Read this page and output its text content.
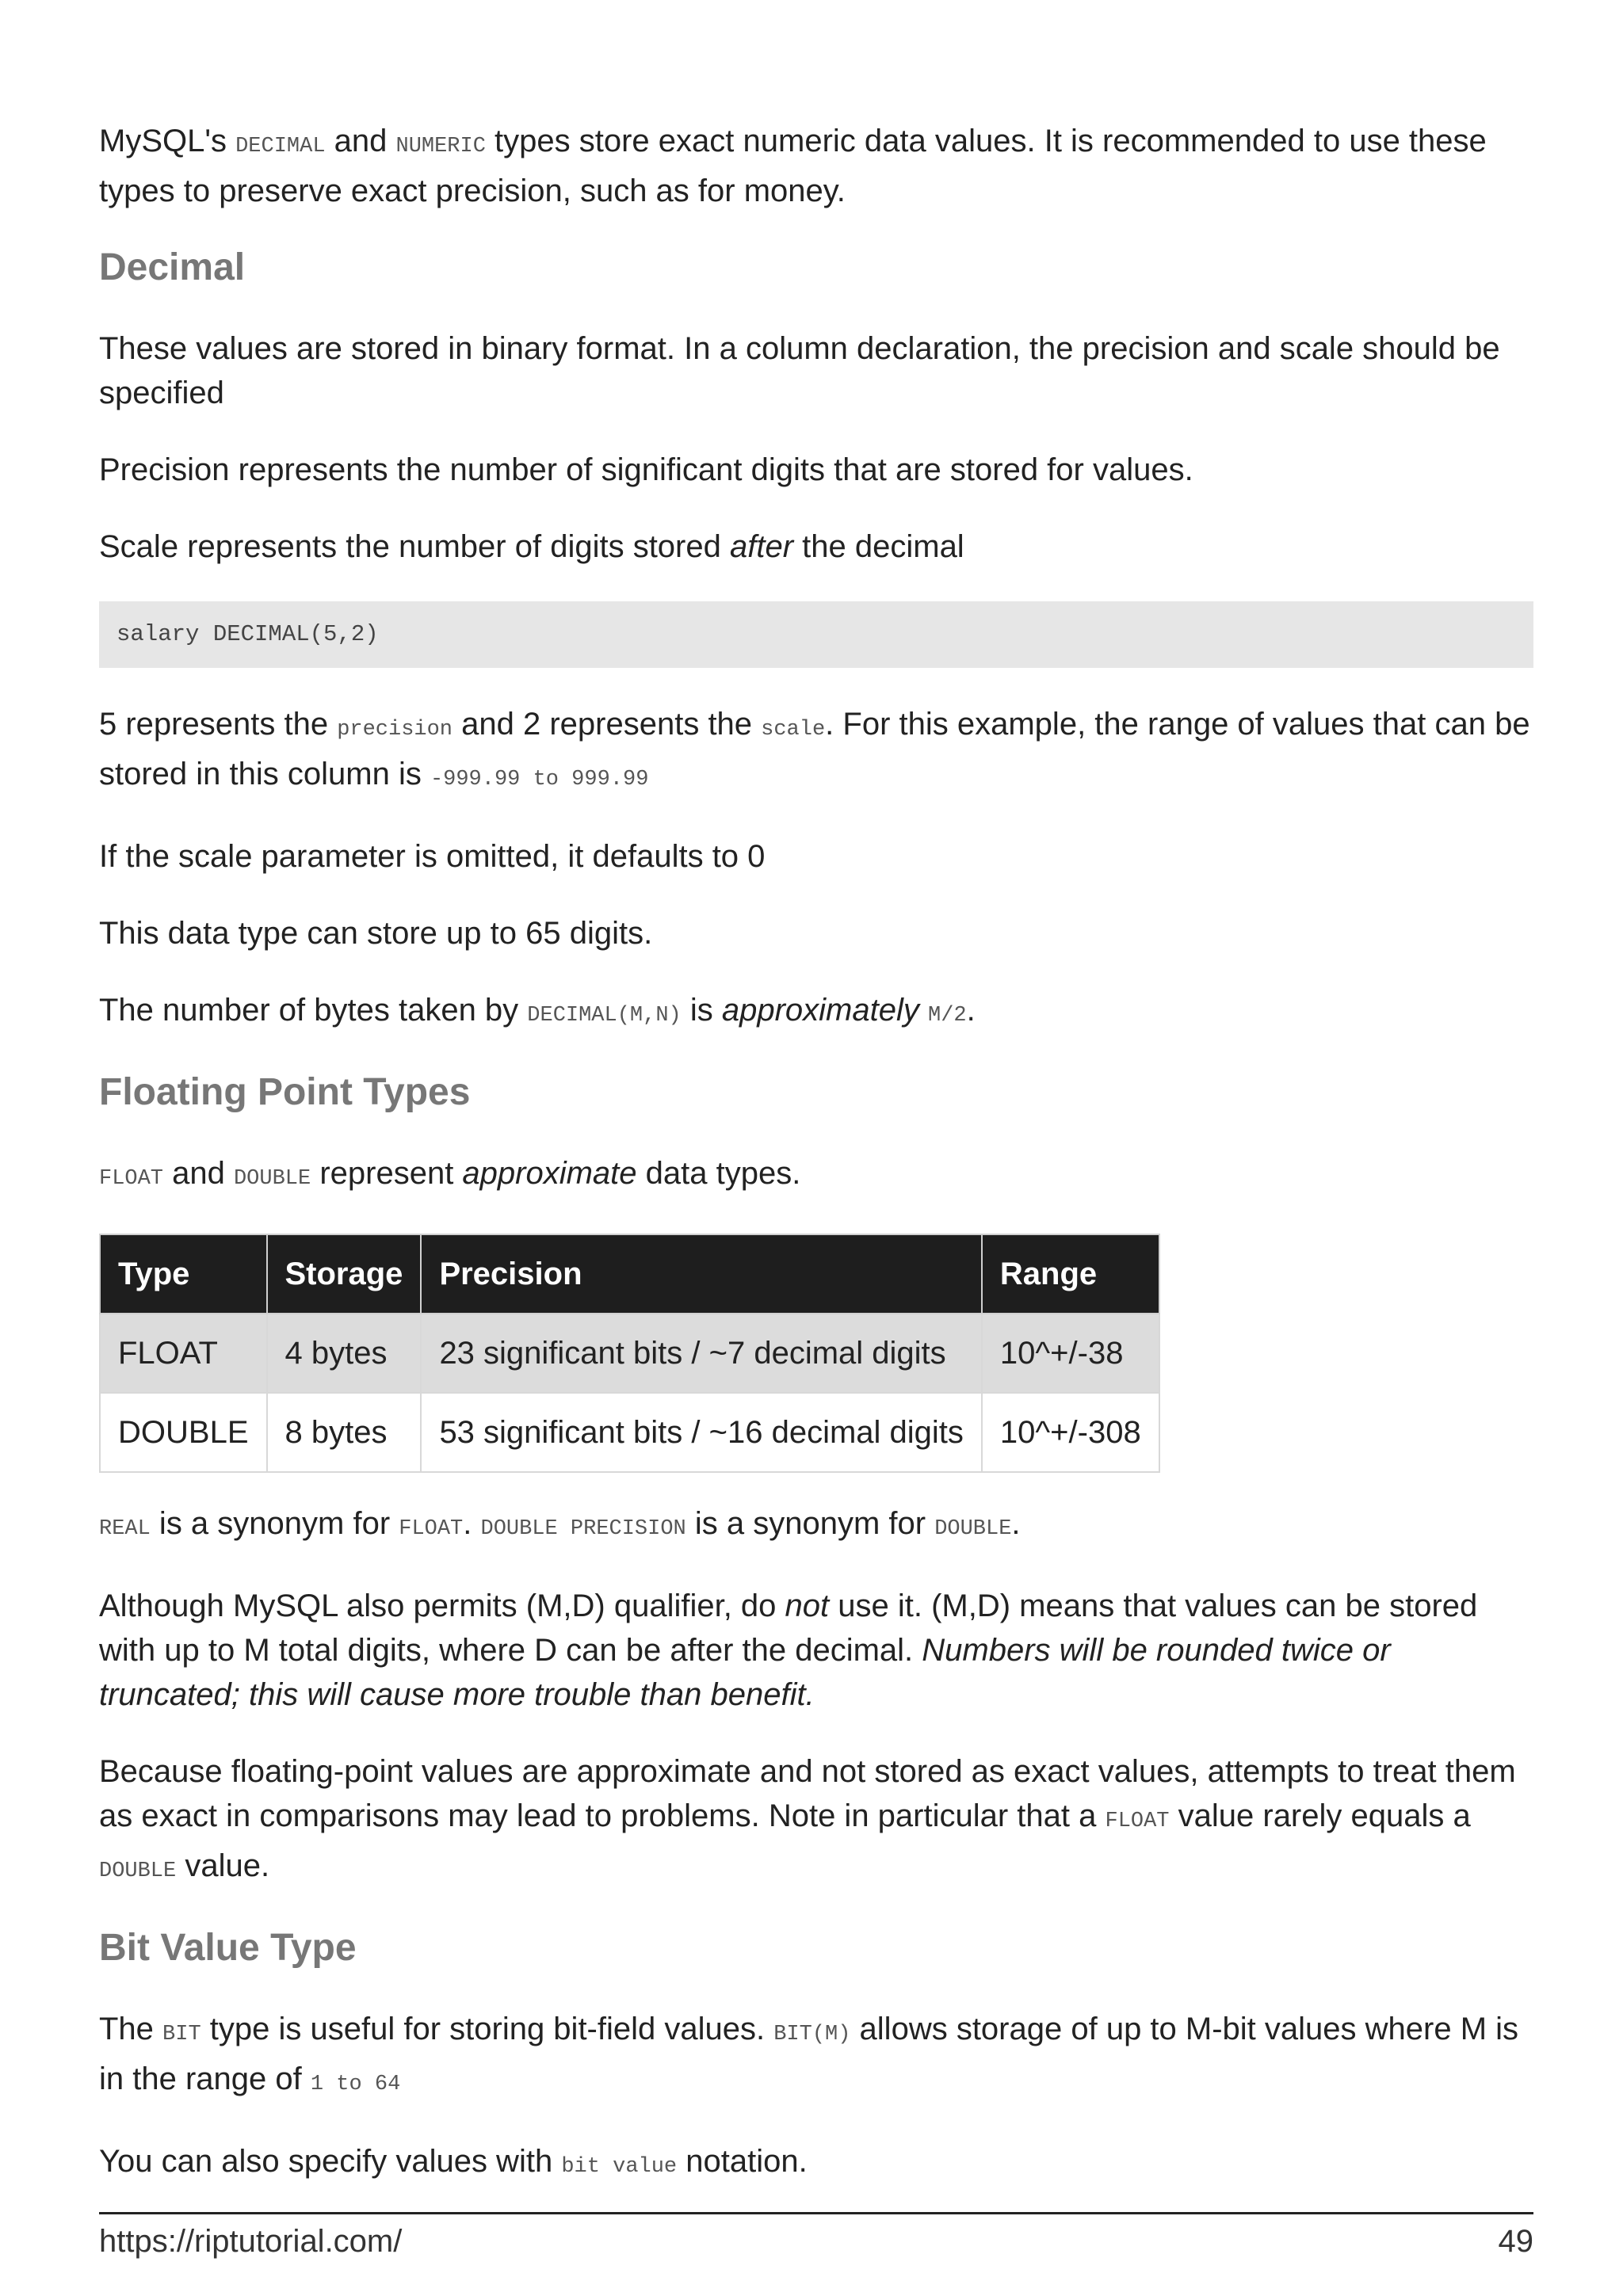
MySQL's DECIMAL and NUMERIC types store exact numeric data values. It is recommended to use these types to preserve exact precision, such as for money.

Decimal

These values are stored in binary format. In a column declaration, the precision and scale should be specified

Precision represents the number of significant digits that are stored for values.

Scale represents the number of digits stored after the decimal

salary DECIMAL(5,2)

5 represents the precision and 2 represents the scale. For this example, the range of values that can be stored in this column is -999.99 to 999.99

If the scale parameter is omitted, it defaults to 0

This data type can store up to 65 digits.

The number of bytes taken by DECIMAL(M,N) is approximately M/2.

Floating Point Types

FLOAT and DOUBLE represent approximate data types.

Type	Storage	Precision	Range
FLOAT	4 bytes	23 significant bits / ~7 decimal digits	10^+/-38
DOUBLE	8 bytes	53 significant bits / ~16 decimal digits	10^+/-308

REAL is a synonym for FLOAT. DOUBLE PRECISION is a synonym for DOUBLE.

Although MySQL also permits (M,D) qualifier, do not use it. (M,D) means that values can be stored with up to M total digits, where D can be after the decimal. Numbers will be rounded twice or truncated; this will cause more trouble than benefit.

Because floating-point values are approximate and not stored as exact values, attempts to treat them as exact in comparisons may lead to problems. Note in particular that a FLOAT value rarely equals a DOUBLE value.

Bit Value Type

The BIT type is useful for storing bit-field values. BIT(M) allows storage of up to M-bit values where M is in the range of 1 to 64

You can also specify values with bit value notation.

https://riptutorial.com/	49
